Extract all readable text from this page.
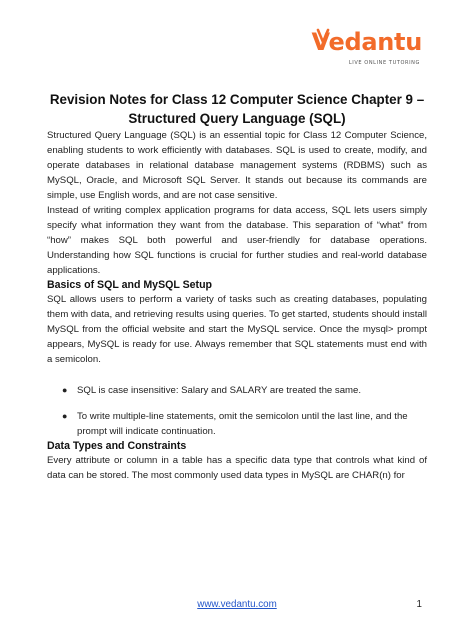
Vedantu
LIVE ONLINE TUTORING
Revision Notes for Class 12 Computer Science Chapter 9 –
Structured Query Language (SQL)

Structured Query Language (SQL) is an essential topic for Class 12 Computer Science, enabling students to work efficiently with databases. SQL is used to create, modify, and operate databases in relational database management systems (RDBMS) such as MySQL, Oracle, and Microsoft SQL Server. It stands out because its commands are simple, use English words, and are not case sensitive.

Instead of writing complex application programs for data access, SQL lets users simply specify what information they want from the database. This separation of “what” from “how” makes SQL both powerful and user-friendly for database operations. Understanding how SQL functions is crucial for further studies and real-world database applications.

Basics of SQL and MySQL Setup

SQL allows users to perform a variety of tasks such as creating databases, populating them with data, and retrieving results using queries. To get started, students should install MySQL from the official website and start the MySQL service. Once the mysql> prompt appears, MySQL is ready for use. Always remember that SQL statements must end with a semicolon.

● SQL is case insensitive: Salary and SALARY are treated the same.
● To write multiple-line statements, omit the semicolon until the last line, and the prompt will indicate continuation.
Data Types and Constraints

Every attribute or column in a table has a specific data type that controls what kind of data can be stored. The most commonly used data types in MySQL are CHAR(n) for

www.vedantu.com	1
